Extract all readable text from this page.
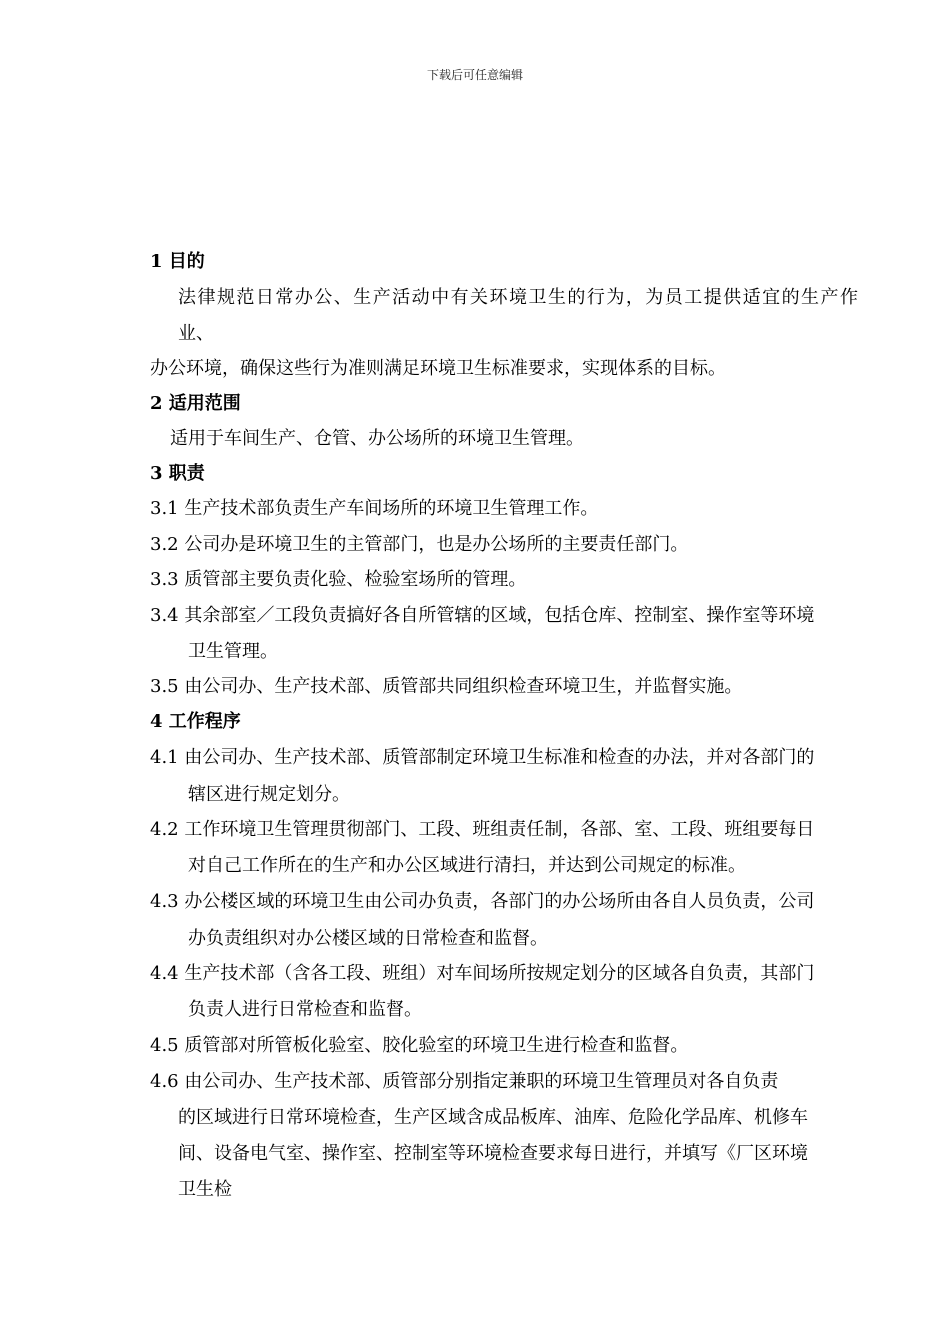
下载后可任意编辑
1 目的
法律规范日常办公、生产活动中有关环境卫生的行为，为员工提供适宜的生产作
业、
办公环境，确保这些行为准则满足环境卫生标准要求，实现体系的目标。
2 适用范围
适用于车间生产、仓管、办公场所的环境卫生管理。
3 职责
3.1 生产技术部负责生产车间场所的环境卫生管理工作。
3.2 公司办是环境卫生的主管部门，也是办公场所的主要责任部门。
3.3 质管部主要负责化验、检验室场所的管理。
3.4 其余部室／工段负责搞好各自所管辖的区域，包括仓库、控制室、操作室等环境
卫生管理。
3.5 由公司办、生产技术部、质管部共同组织检查环境卫生，并监督实施。
4 工作程序
4.1 由公司办、生产技术部、质管部制定环境卫生标准和检查的办法，并对各部门的
辖区进行规定划分。
4.2 工作环境卫生管理贯彻部门、工段、班组责任制，各部、室、工段、班组要每日
对自己工作所在的生产和办公区域进行清扫，并达到公司规定的标准。
4.3 办公楼区域的环境卫生由公司办负责，各部门的办公场所由各自人员负责，公司
办负责组织对办公楼区域的日常检查和监督。
4.4 生产技术部（含各工段、班组）对车间场所按规定划分的区域各自负责，其部门
负责人进行日常检查和监督。
4.5 质管部对所管板化验室、胶化验室的环境卫生进行检查和监督。
4.6 由公司办、生产技术部、质管部分别指定兼职的环境卫生管理员对各自负责
的区域进行日常环境检查，生产区域含成品板库、油库、危险化学品库、机修车
间、设备电气室、操作室、控制室等环境检查要求每日进行，并填写《厂区环境
卫生检
